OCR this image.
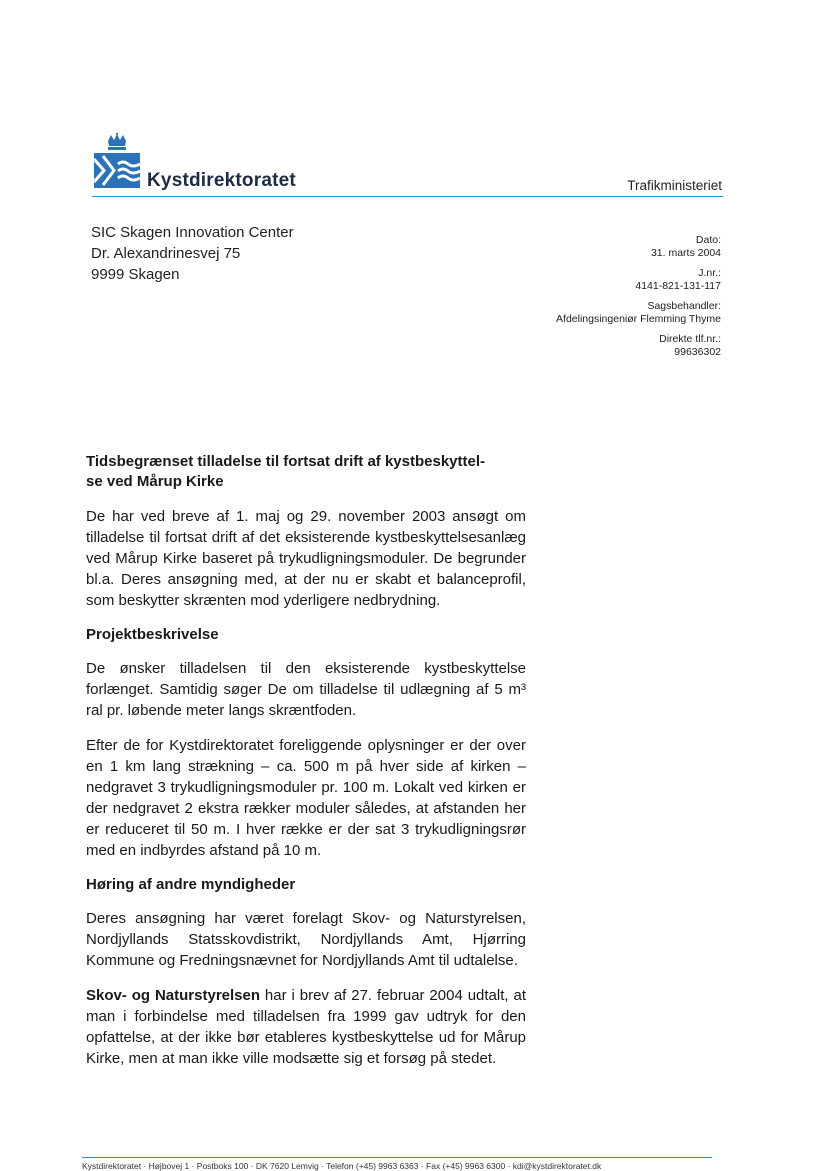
Kystdirektoratet	Trafikministeriet
SIC Skagen Innovation Center
Dr. Alexandrinesvej 75
9999 Skagen
Dato:
31. marts 2004
J.nr.:
4141-821-131-117
Sagsbehandler:
Afdelingsingeniør Flemming Thyme
Direkte tlf.nr.:
99636302
Tidsbegrænset tilladelse til fortsat drift af kystbeskyttel-
se ved Mårup Kirke

De har ved breve af 1. maj og 29. november 2003 ansøgt om tilladelse til fortsat drift af det eksisterende kystbeskyttelsesanlæg ved Mårup Kirke baseret på trykudligningsmoduler. De begrunder bl.a. Deres ansøgning med, at der nu er skabt et balanceprofil, som beskytter skrænten mod yderligere nedbrydning.

Projektbeskrivelse

De ønsker tilladelsen til den eksisterende kystbeskyttelse forlænget. Samtidig søger De om tilladelse til udlægning af 5 m³ ral pr. løbende meter langs skræntfoden.

Efter de for Kystdirektoratet foreliggende oplysninger er der over en 1 km lang strækning – ca. 500 m på hver side af kirken – nedgravet 3 trykudligningsmoduler pr. 100 m. Lokalt ved kirken er der nedgravet 2 ekstra rækker moduler således, at afstanden her er reduceret til 50 m. I hver række er der sat 3 trykudligningsrør med en indbyrdes afstand på 10 m.

Høring af andre myndigheder

Deres ansøgning har været forelagt Skov- og Naturstyrelsen, Nordjyllands Statsskovdistrikt, Nordjyllands Amt, Hjørring Kommune og Fredningsnævnet for Nordjyllands Amt til udtalelse.

Skov- og Naturstyrelsen har i brev af 27. februar 2004 udtalt, at man i forbindelse med tilladelsen fra 1999 gav udtryk for den opfattelse, at der ikke bør etableres kystbeskyttelse ud for Mårup Kirke, men at man ikke ville modsætte sig et forsøg på stedet.

Kystdirektoratet · Højbovej 1 · Postboks 100 · DK 7620 Lemvig · Telefon (+45) 9963 6363 · Fax (+45) 9963 6300 · kdi@kystdirektoratet.dk
